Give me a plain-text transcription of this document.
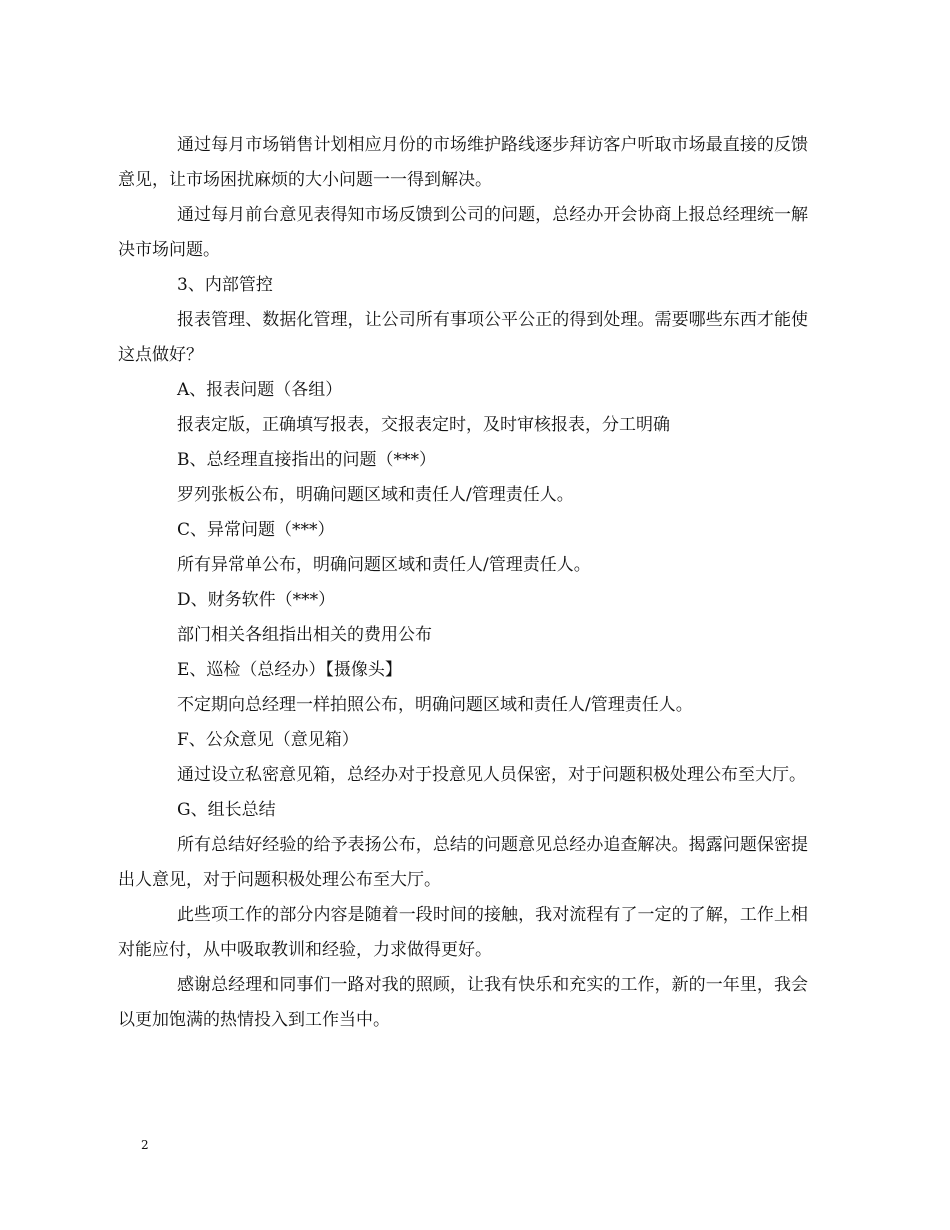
通过每月市场销售计划相应月份的市场维护路线逐步拜访客户听取市场最直接的反馈意见，让市场困扰麻烦的大小问题一一得到解决。

通过每月前台意见表得知市场反馈到公司的问题，总经办开会协商上报总经理统一解决市场问题。

3、内部管控

报表管理、数据化管理，让公司所有事项公平公正的得到处理。需要哪些东西才能使这点做好？

A、报表问题（各组）

报表定版，正确填写报表，交报表定时，及时审核报表，分工明确

B、总经理直接指出的问题（***）

罗列张板公布，明确问题区域和责任人/管理责任人。

C、异常问题（***）

所有异常单公布，明确问题区域和责任人/管理责任人。

D、财务软件（***）

部门相关各组指出相关的费用公布

E、巡检（总经办）【摄像头】

不定期向总经理一样拍照公布，明确问题区域和责任人/管理责任人。

F、公众意见（意见箱）

通过设立私密意见箱，总经办对于投意见人员保密，对于问题积极处理公布至大厅。

G、组长总结

所有总结好经验的给予表扬公布，总结的问题意见总经办追查解决。揭露问题保密提出人意见，对于问题积极处理公布至大厅。

此些项工作的部分内容是随着一段时间的接触，我对流程有了一定的了解，工作上相对能应付，从中吸取教训和经验，力求做得更好。

感谢总经理和同事们一路对我的照顾，让我有快乐和充实的工作，新的一年里，我会以更加饱满的热情投入到工作当中。

2
